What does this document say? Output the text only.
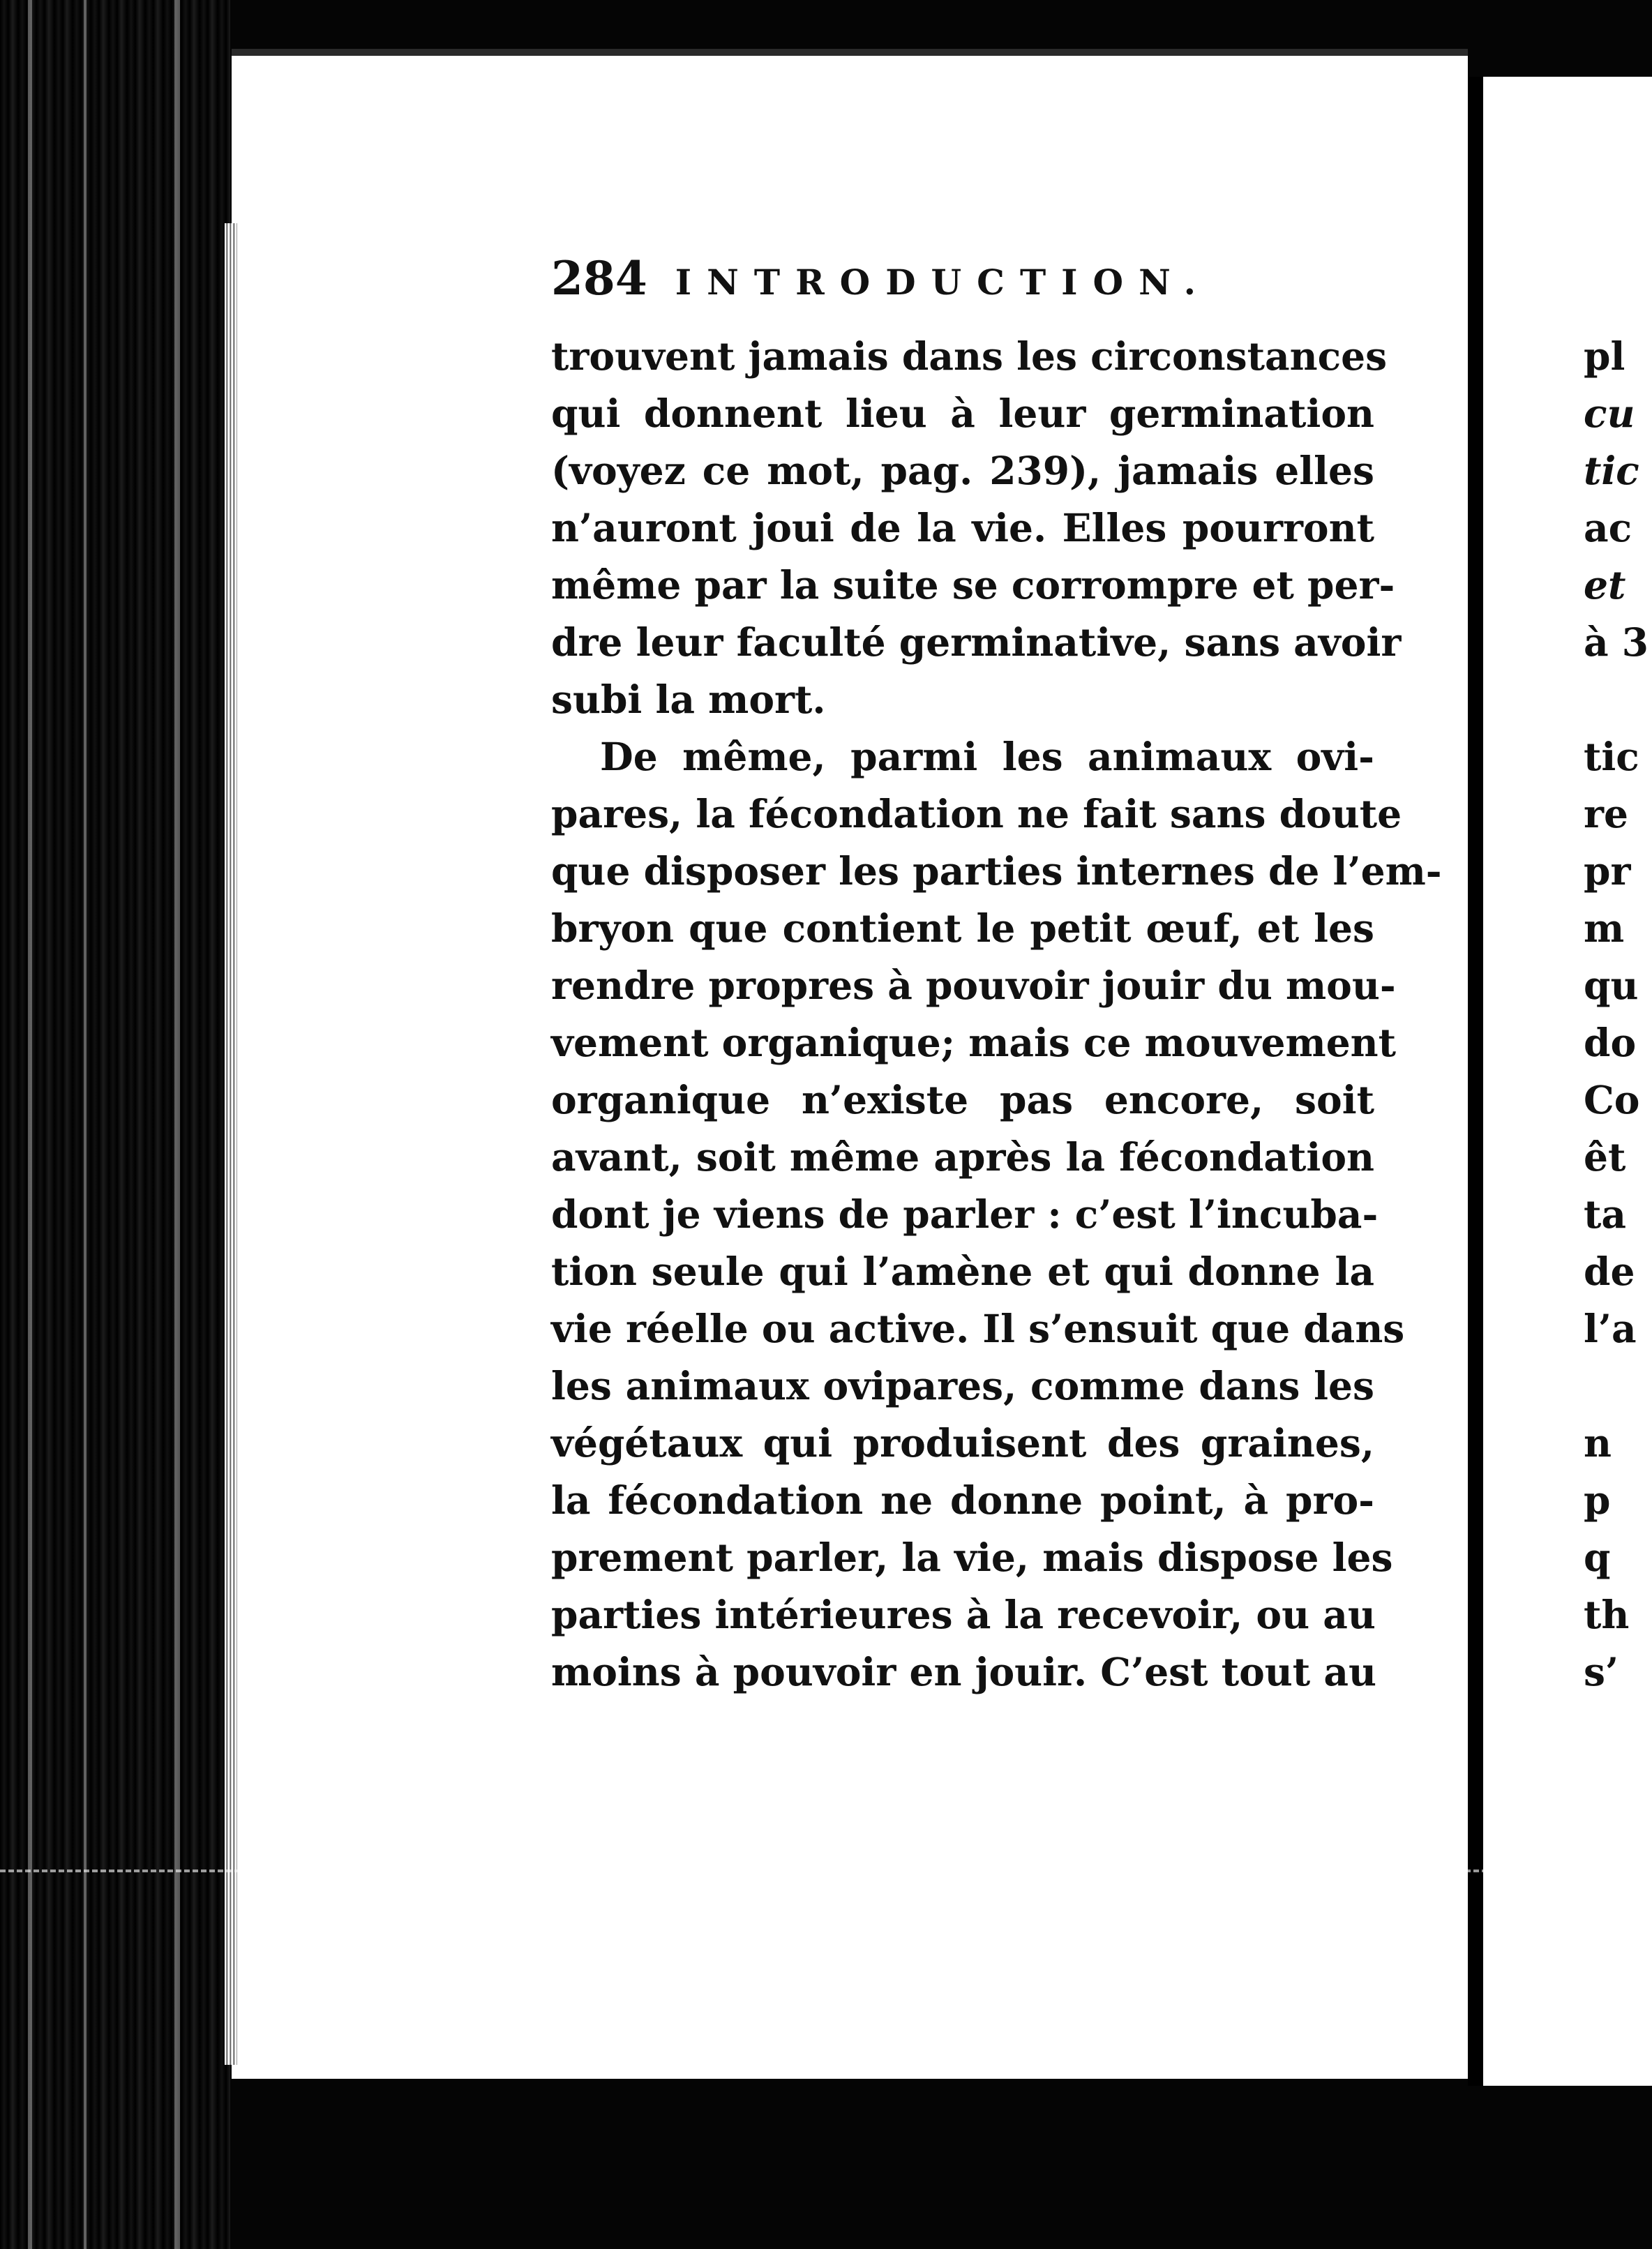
284 INTRODUCTION.
trouvent jamais dans les circonstances
qui donnent lieu à leur germination
(voyez ce mot, pag. 239), jamais elles
n’auront joui de la vie. Elles pourront
même par la suite se corrompre et per-
dre leur faculté germinative, sans avoir
subi la mort.
De même, parmi les animaux ovi-
pares, la fécondation ne fait sans doute
que disposer les parties internes de l’em-
bryon que contient le petit œuf, et les
rendre propres à pouvoir jouir du mou-
vement organique; mais ce mouvement
organique n’existe pas encore, soit
avant, soit même après la fécondation
dont je viens de parler : c’est l’incuba-
tion seule qui l’amène et qui donne la
vie réelle ou active. Il s’ensuit que dans
les animaux ovipares, comme dans les
végétaux qui produisent des graines,
la fécondation ne donne point, à pro-
prement parler, la vie, mais dispose les
parties intérieures à la recevoir, ou au
moins à pouvoir en jouir. C’est tout au
pl
cu
tic
ac
et
à 3
tic
re
pr
m
qu
do
Co
êt
ta
de
l’a
n
p
q
th
s’
